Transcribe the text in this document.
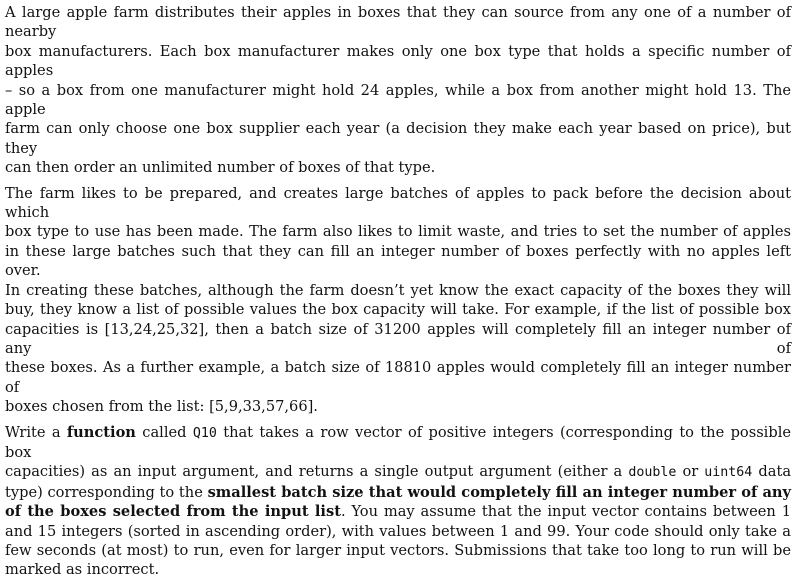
A large apple farm distributes their apples in boxes that they can source from any one of a number of nearby
box manufacturers. Each box manufacturer makes only one box type that holds a specific number of apples
– so a box from one manufacturer might hold 24 apples, while a box from another might hold 13. The apple
farm can only choose one box supplier each year (a decision they make each year based on price), but they
can then order an unlimited number of boxes of that type.

The farm likes to be prepared, and creates large batches of apples to pack before the decision about which
box type to use has been made. The farm also likes to limit waste, and tries to set the number of apples
in these large batches such that they can fill an integer number of boxes perfectly with no apples left over.
In creating these batches, although the farm doesn’t yet know the exact capacity of the boxes they will
buy, they know a list of possible values the box capacity will take. For example, if the list of possible box
capacities is [13,24,25,32], then a batch size of 31200 apples will completely fill an integer number of any of
these boxes. As a further example, a batch size of 18810 apples would completely fill an integer number of
boxes chosen from the list: [5,9,33,57,66].

Write a function called Q10 that takes a row vector of positive integers (corresponding to the possible box
capacities) as an input argument, and returns a single output argument (either a double or uint64 data
type) corresponding to the smallest batch size that would completely fill an integer number of any
of the boxes selected from the input list. You may assume that the input vector contains between 1
and 15 integers (sorted in ascending order), with values between 1 and 99. Your code should only take a
few seconds (at most) to run, even for larger input vectors. Submissions that take too long to run will be
marked as incorrect.
